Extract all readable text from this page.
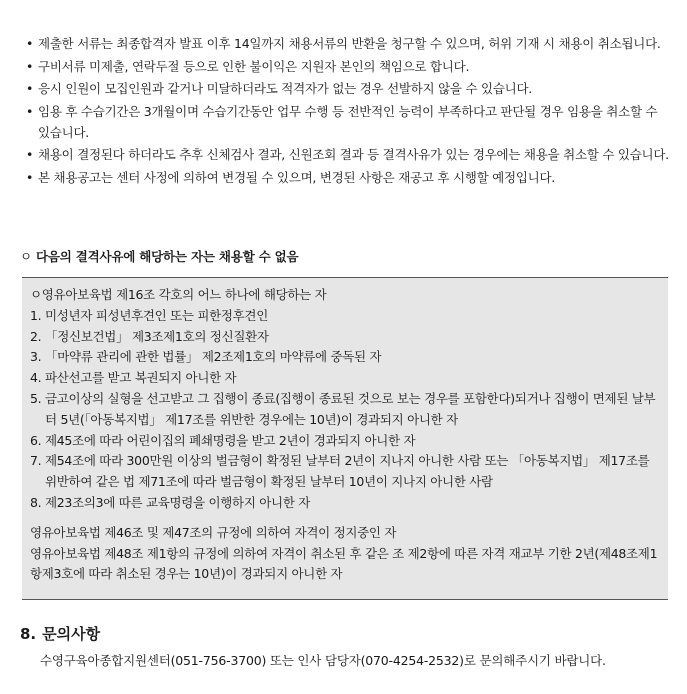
• 제출한 서류는 최종합격자 발표 이후 14일까지 채용서류의 반환을 청구할 수 있으며, 허위 기재 시 채용이 취소됩니다.
• 구비서류 미제출, 연락두절 등으로 인한 불이익은 지원자 본인의 책임으로 합니다.
• 응시 인원이 모집인원과 같거나 미달하더라도 적격자가 없는 경우 선발하지 않을 수 있습니다.
• 임용 후 수습기간은 3개월이며 수습기간동안 업무 수행 등 전반적인 능력이 부족하다고 판단될 경우 임용을 취소할 수 있습니다.
• 채용이 결정된다 하더라도 추후 신체검사 결과, 신원조회 결과 등 결격사유가 있는 경우에는 채용을 취소할 수 있습니다.
• 본 채용공고는 센터 사정에 의하여 변경될 수 있으며, 변경된 사항은 재공고 후 시행할 예정입니다.
ㅇ 다음의 결격사유에 해당하는 자는 채용할 수 없음
ㅇ영유아보육법 제16조 각호의 어느 하나에 해당하는 자
1. 미성년자 피성년후견인 또는 피한정후견인
2. 「정신보건법」 제3조제1호의 정신질환자
3. 「마약류 관리에 관한 법률」 제2조제1호의 마약류에 중독된 자
4. 파산선고를 받고 복권되지 아니한 자
5. 금고이상의 실형을 선고받고 그 집행이 종료(집행이 종료된 것으로 보는 경우를 포함한다)되거나 집행이 면제된 날부터 5년(「아동복지법」 제17조를 위반한 경우에는 10년)이 경과되지 아니한 자
6. 제45조에 따라 어린이집의 폐쇄명령을 받고 2년이 경과되지 아니한 자
7. 제54조에 따라 300만원 이상의 벌금형이 확정된 날부터 2년이 지나지 아니한 사람 또는 「아동복지법」 제17조를 위반하여 같은 법 제71조에 따라 벌금형이 확정된 날부터 10년이 지나지 아니한 사람
8. 제23조의3에 따른 교육명령을 이행하지 아니한 자
영유아보육법 제46조 및 제47조의 규정에 의하여 자격이 정지중인 자
영유아보육법 제48조 제1항의 규정에 의하여 자격이 취소된 후 같은 조 제2항에 따른 자격 재교부 기한 2년(제48조제1항제3호에 따라 취소된 경우는 10년)이 경과되지 아니한 자
8. 문의사항
수영구육아종합지원센터(051-756-3700) 또는 인사 담당자(070-4254-2532)로 문의해주시기 바랍니다.
